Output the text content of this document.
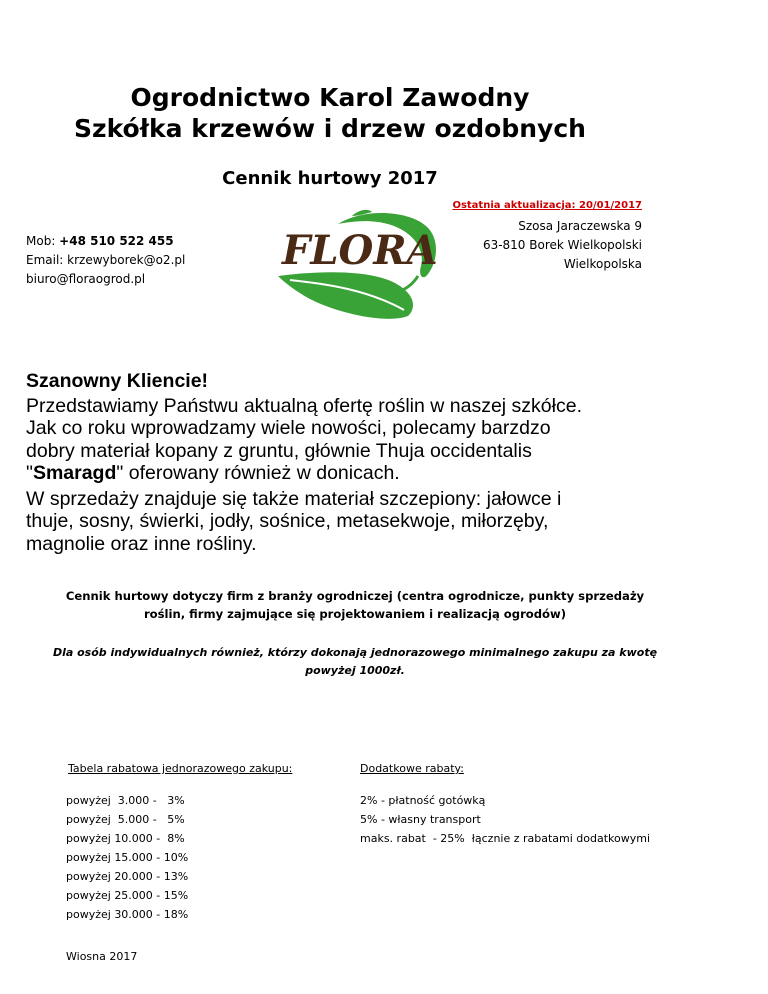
Ogrodnictwo Karol Zawodny
Szkółka krzewów i drzew ozdobnych
Cennik hurtowy 2017
Ostatnia aktualizacja: 20/01/2017
Szosa Jaraczewska 9
63-810 Borek Wielkopolski
Wielkopolska
Mob: +48 510 522 455
Email: krzewyborek@o2.pl
biuro@floraogrod.pl
FLORA

Szanowny Kliencie!

Przedstawiamy Państwu aktualną ofertę roślin w naszej szkółce.
Jak co roku wprowadzamy wiele nowości, polecamy barzdzo
dobry materiał kopany z gruntu, głównie Thuja occidentalis
"Smaragd" oferowany również w donicach.

W sprzedaży znajduje się także materiał szczepiony: jałowce i
thuje, sosny, świerki, jodły, sośnice, metasekwoje, miłorzęby,
magnolie oraz inne rośliny.

Cennik hurtowy dotyczy firm z branży ogrodniczej (centra ogrodnicze, punkty sprzedaży
roślin, firmy zajmujące się projektowaniem i realizacją ogrodów)
Dla osób indywidualnych również, którzy dokonają jednorazowego minimalnego zakupu za kwotę
powyżej 1000zł.
Tabela rabatowa jednorazowego zakupu:	Dodatkowe rabaty:
powyżej  3.000 -   3%
powyżej  5.000 -   5%
powyżej 10.000 -  8%
powyżej 15.000 - 10%
powyżej 20.000 - 13%
powyżej 25.000 - 15%
powyżej 30.000 - 18%
2% - płatność gotówką
5% - własny transport
maks. rabat  - 25%  łącznie z rabatami dodatkowymi
Wiosna 2017
